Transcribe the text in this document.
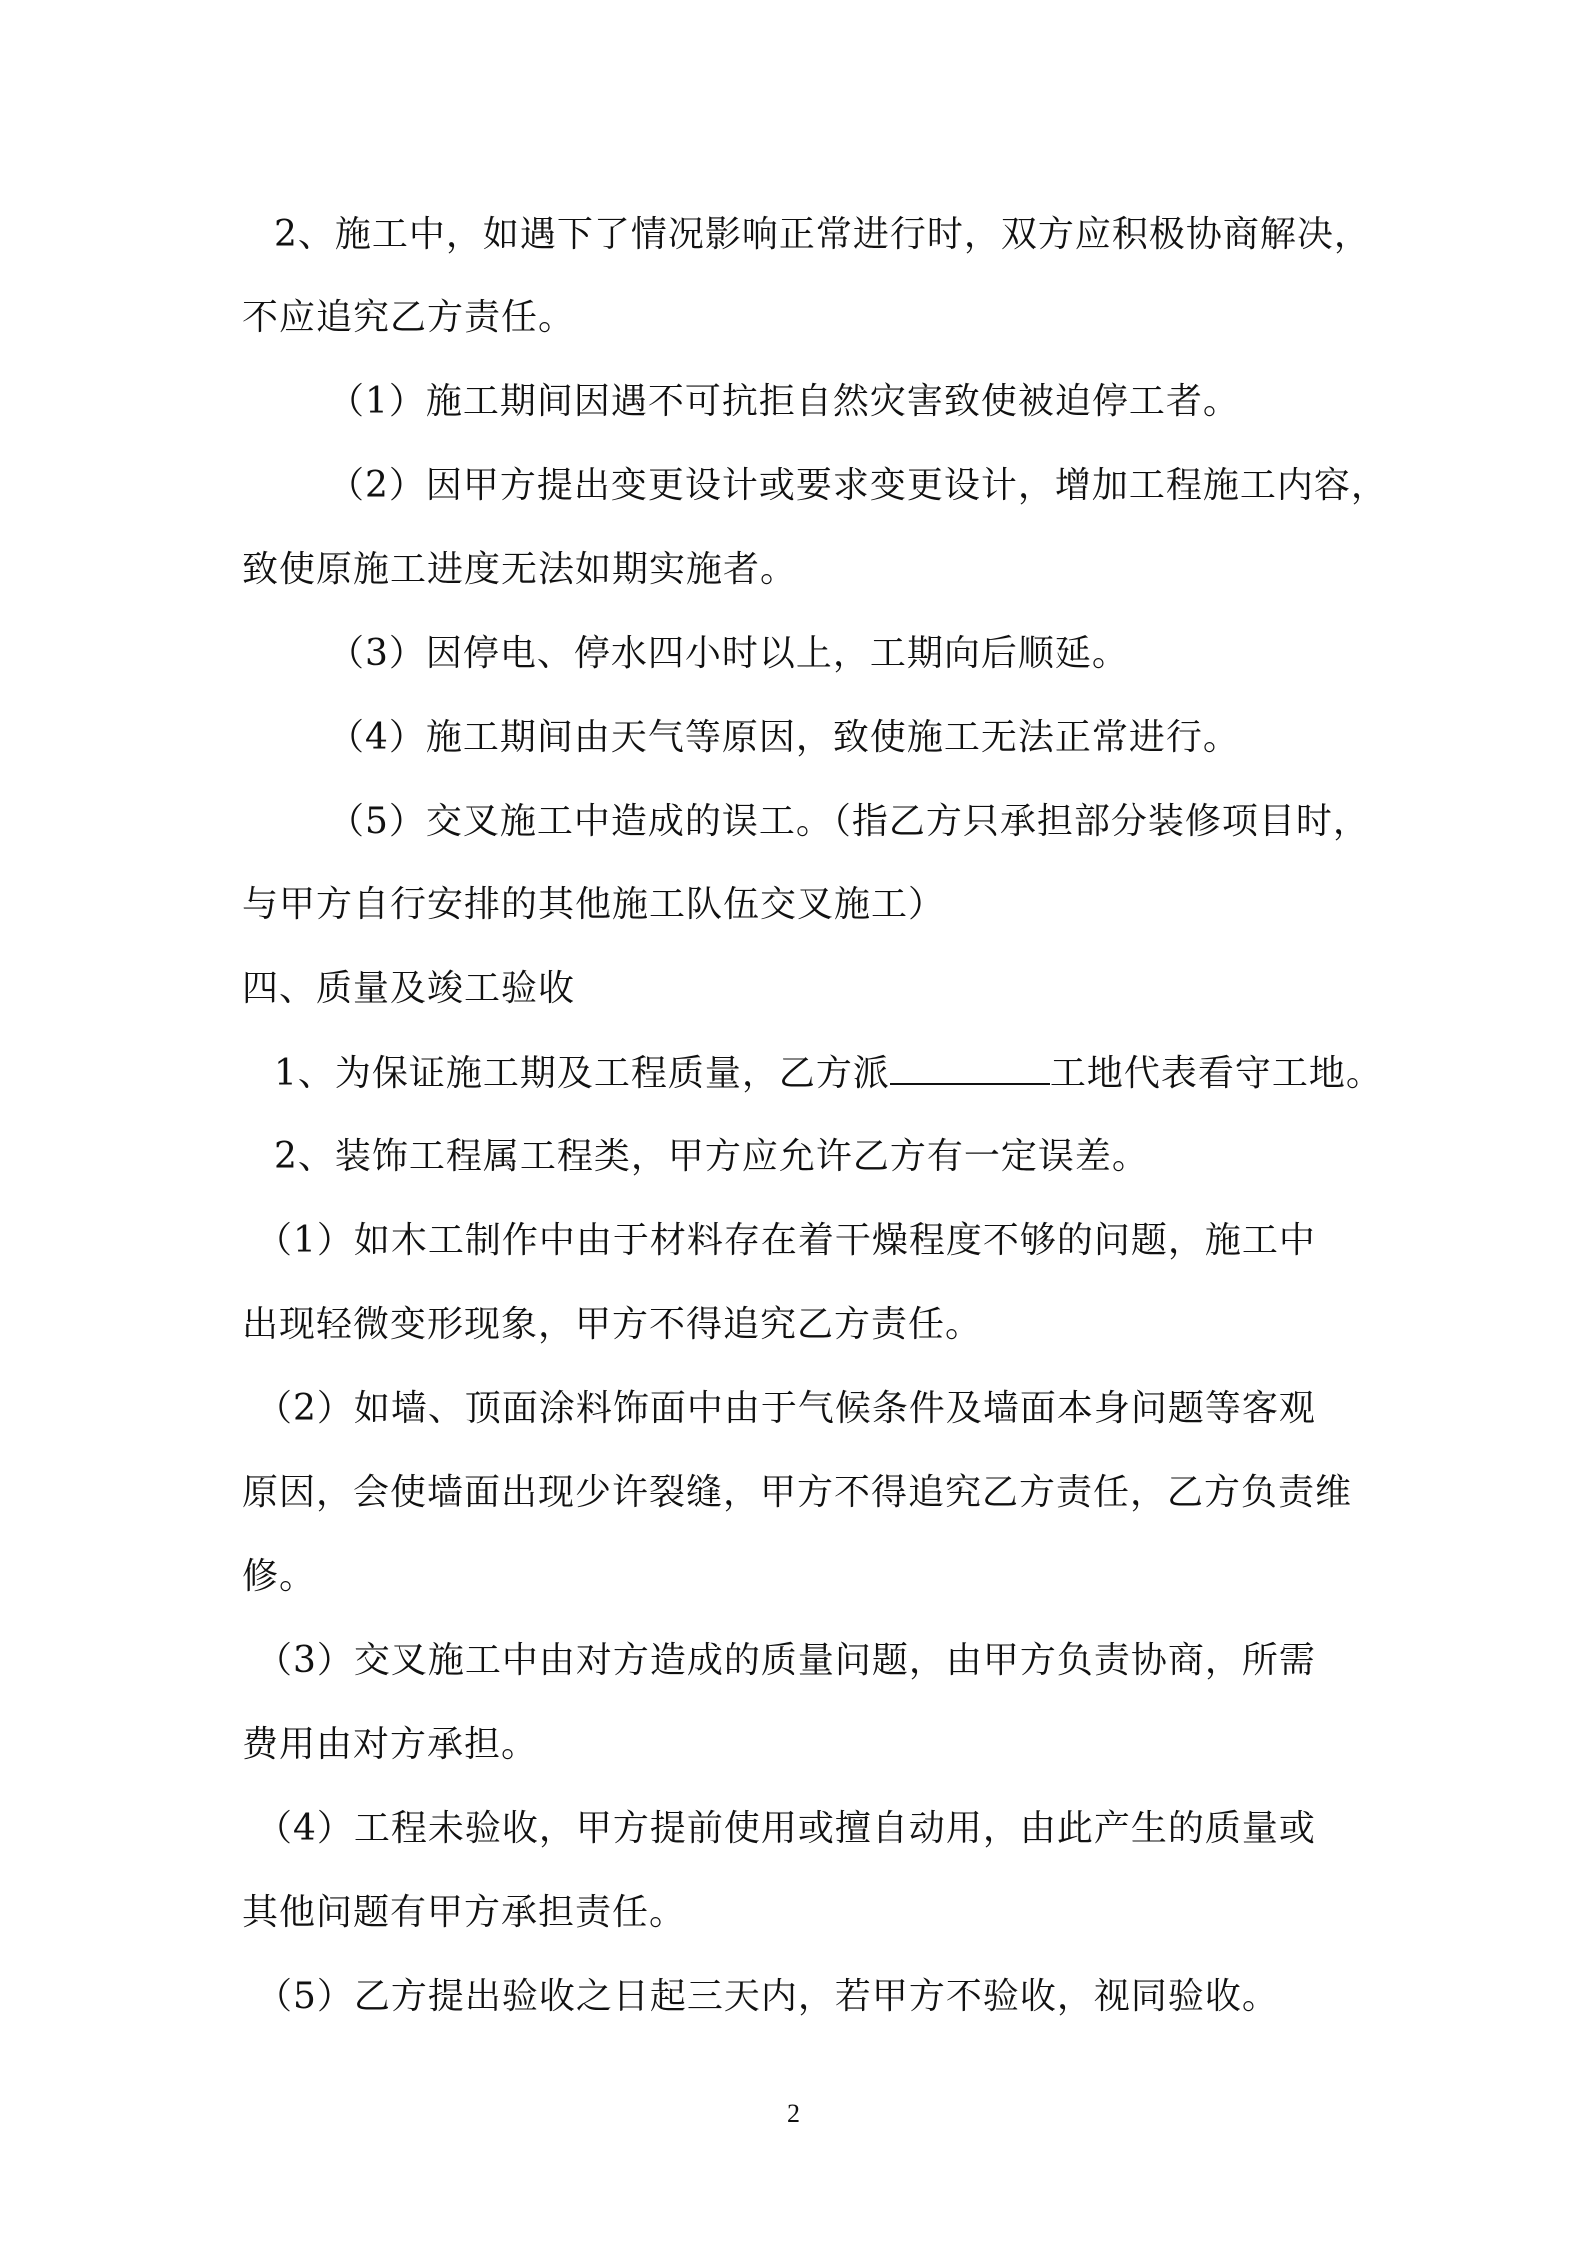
2、施工中，如遇下了情况影响正常进行时，双方应积极协商解决，
不应追究乙方责任。
（1）施工期间因遇不可抗拒自然灾害致使被迫停工者。
（2）因甲方提出变更设计或要求变更设计，增加工程施工内容，
致使原施工进度无法如期实施者。
（3）因停电、停水四小时以上，工期向后顺延。
（4）施工期间由天气等原因，致使施工无法正常进行。
（5）交叉施工中造成的误工。（指乙方只承担部分装修项目时，
与甲方自行安排的其他施工队伍交叉施工）
四、质量及竣工验收
1、为保证施工期及工程质量，乙方派	工地代表看守工地。
2、装饰工程属工程类，甲方应允许乙方有一定误差。
（1）如木工制作中由于材料存在着干燥程度不够的问题，施工中
出现轻微变形现象，甲方不得追究乙方责任。
（2）如墙、顶面涂料饰面中由于气候条件及墙面本身问题等客观
原因，会使墙面出现少许裂缝，甲方不得追究乙方责任，乙方负责维
修。
（3）交叉施工中由对方造成的质量问题，由甲方负责协商，所需
费用由对方承担。
（4）工程未验收，甲方提前使用或擅自动用，由此产生的质量或
其他问题有甲方承担责任。
（5）乙方提出验收之日起三天内，若甲方不验收，视同验收。
2
